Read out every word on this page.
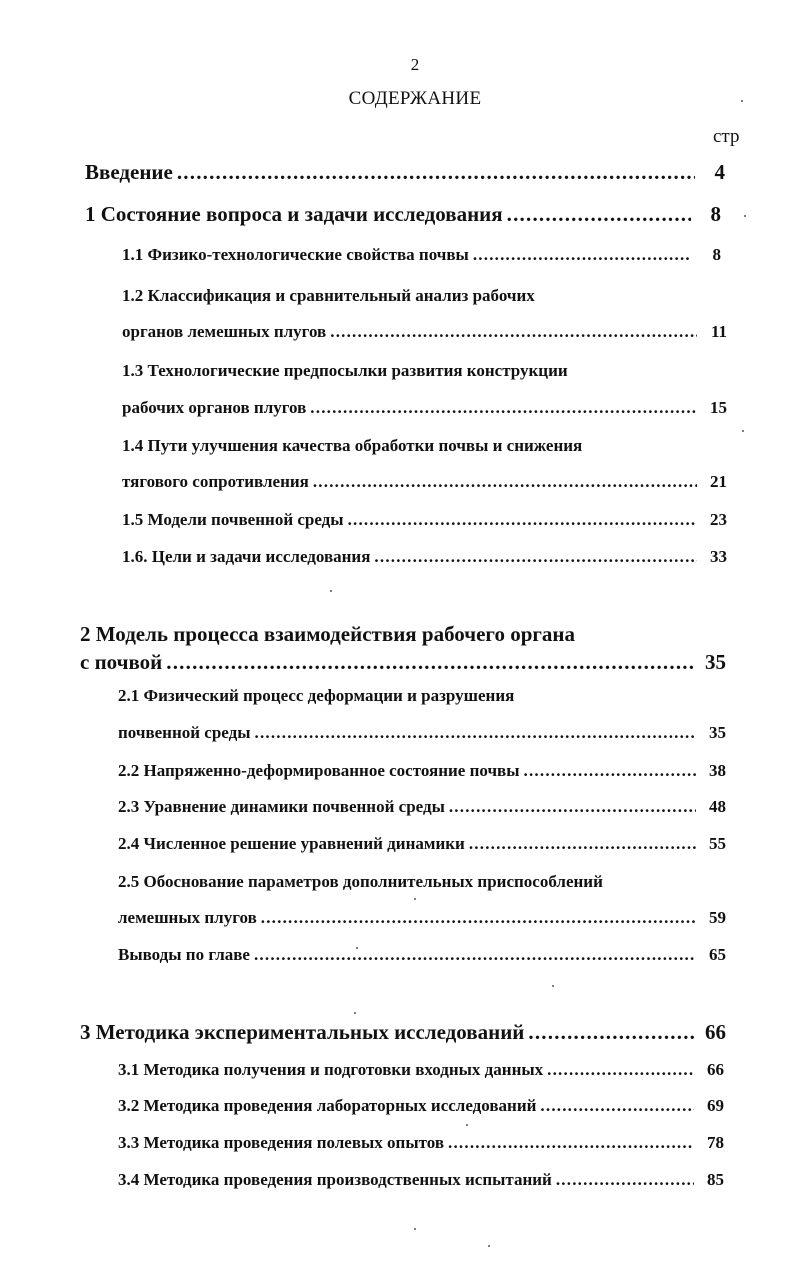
2
СОДЕРЖАНИЕ
стр
Введение .....	4
1 Состояние вопроса и задачи исследования .....	8
1.1 Физико-технологические свойства почвы .....	8
1.2 Классификация и сравнительный анализ рабочих
органов лемешных плугов .....	11
1.3 Технологические предпосылки развития конструкции
рабочих органов плугов .....	15
1.4 Пути улучшения качества обработки почвы и снижения
тягового сопротивления .....	21
1.5 Модели почвенной среды .....	23
1.6. Цели и задачи исследования .....	33
2 Модель процесса взаимодействия рабочего органа
с почвой .....	35
2.1 Физический процесс деформации и разрушения
почвенной среды .....	35
2.2 Напряженно-деформированное состояние почвы .....	38
2.3 Уравнение динамики почвенной среды .....	48
2.4 Численное решение уравнений динамики .....	55
2.5 Обоснование параметров дополнительных приспособлений
лемешных плугов .....	59
Выводы по главе .....	65
3 Методика экспериментальных исследований .....	66
3.1 Методика получения и подготовки входных данных .....	66
3.2 Методика проведения лабораторных исследований .....	69
3.3 Методика проведения полевых опытов .....	78
3.4 Методика проведения производственных испытаний .....	85
